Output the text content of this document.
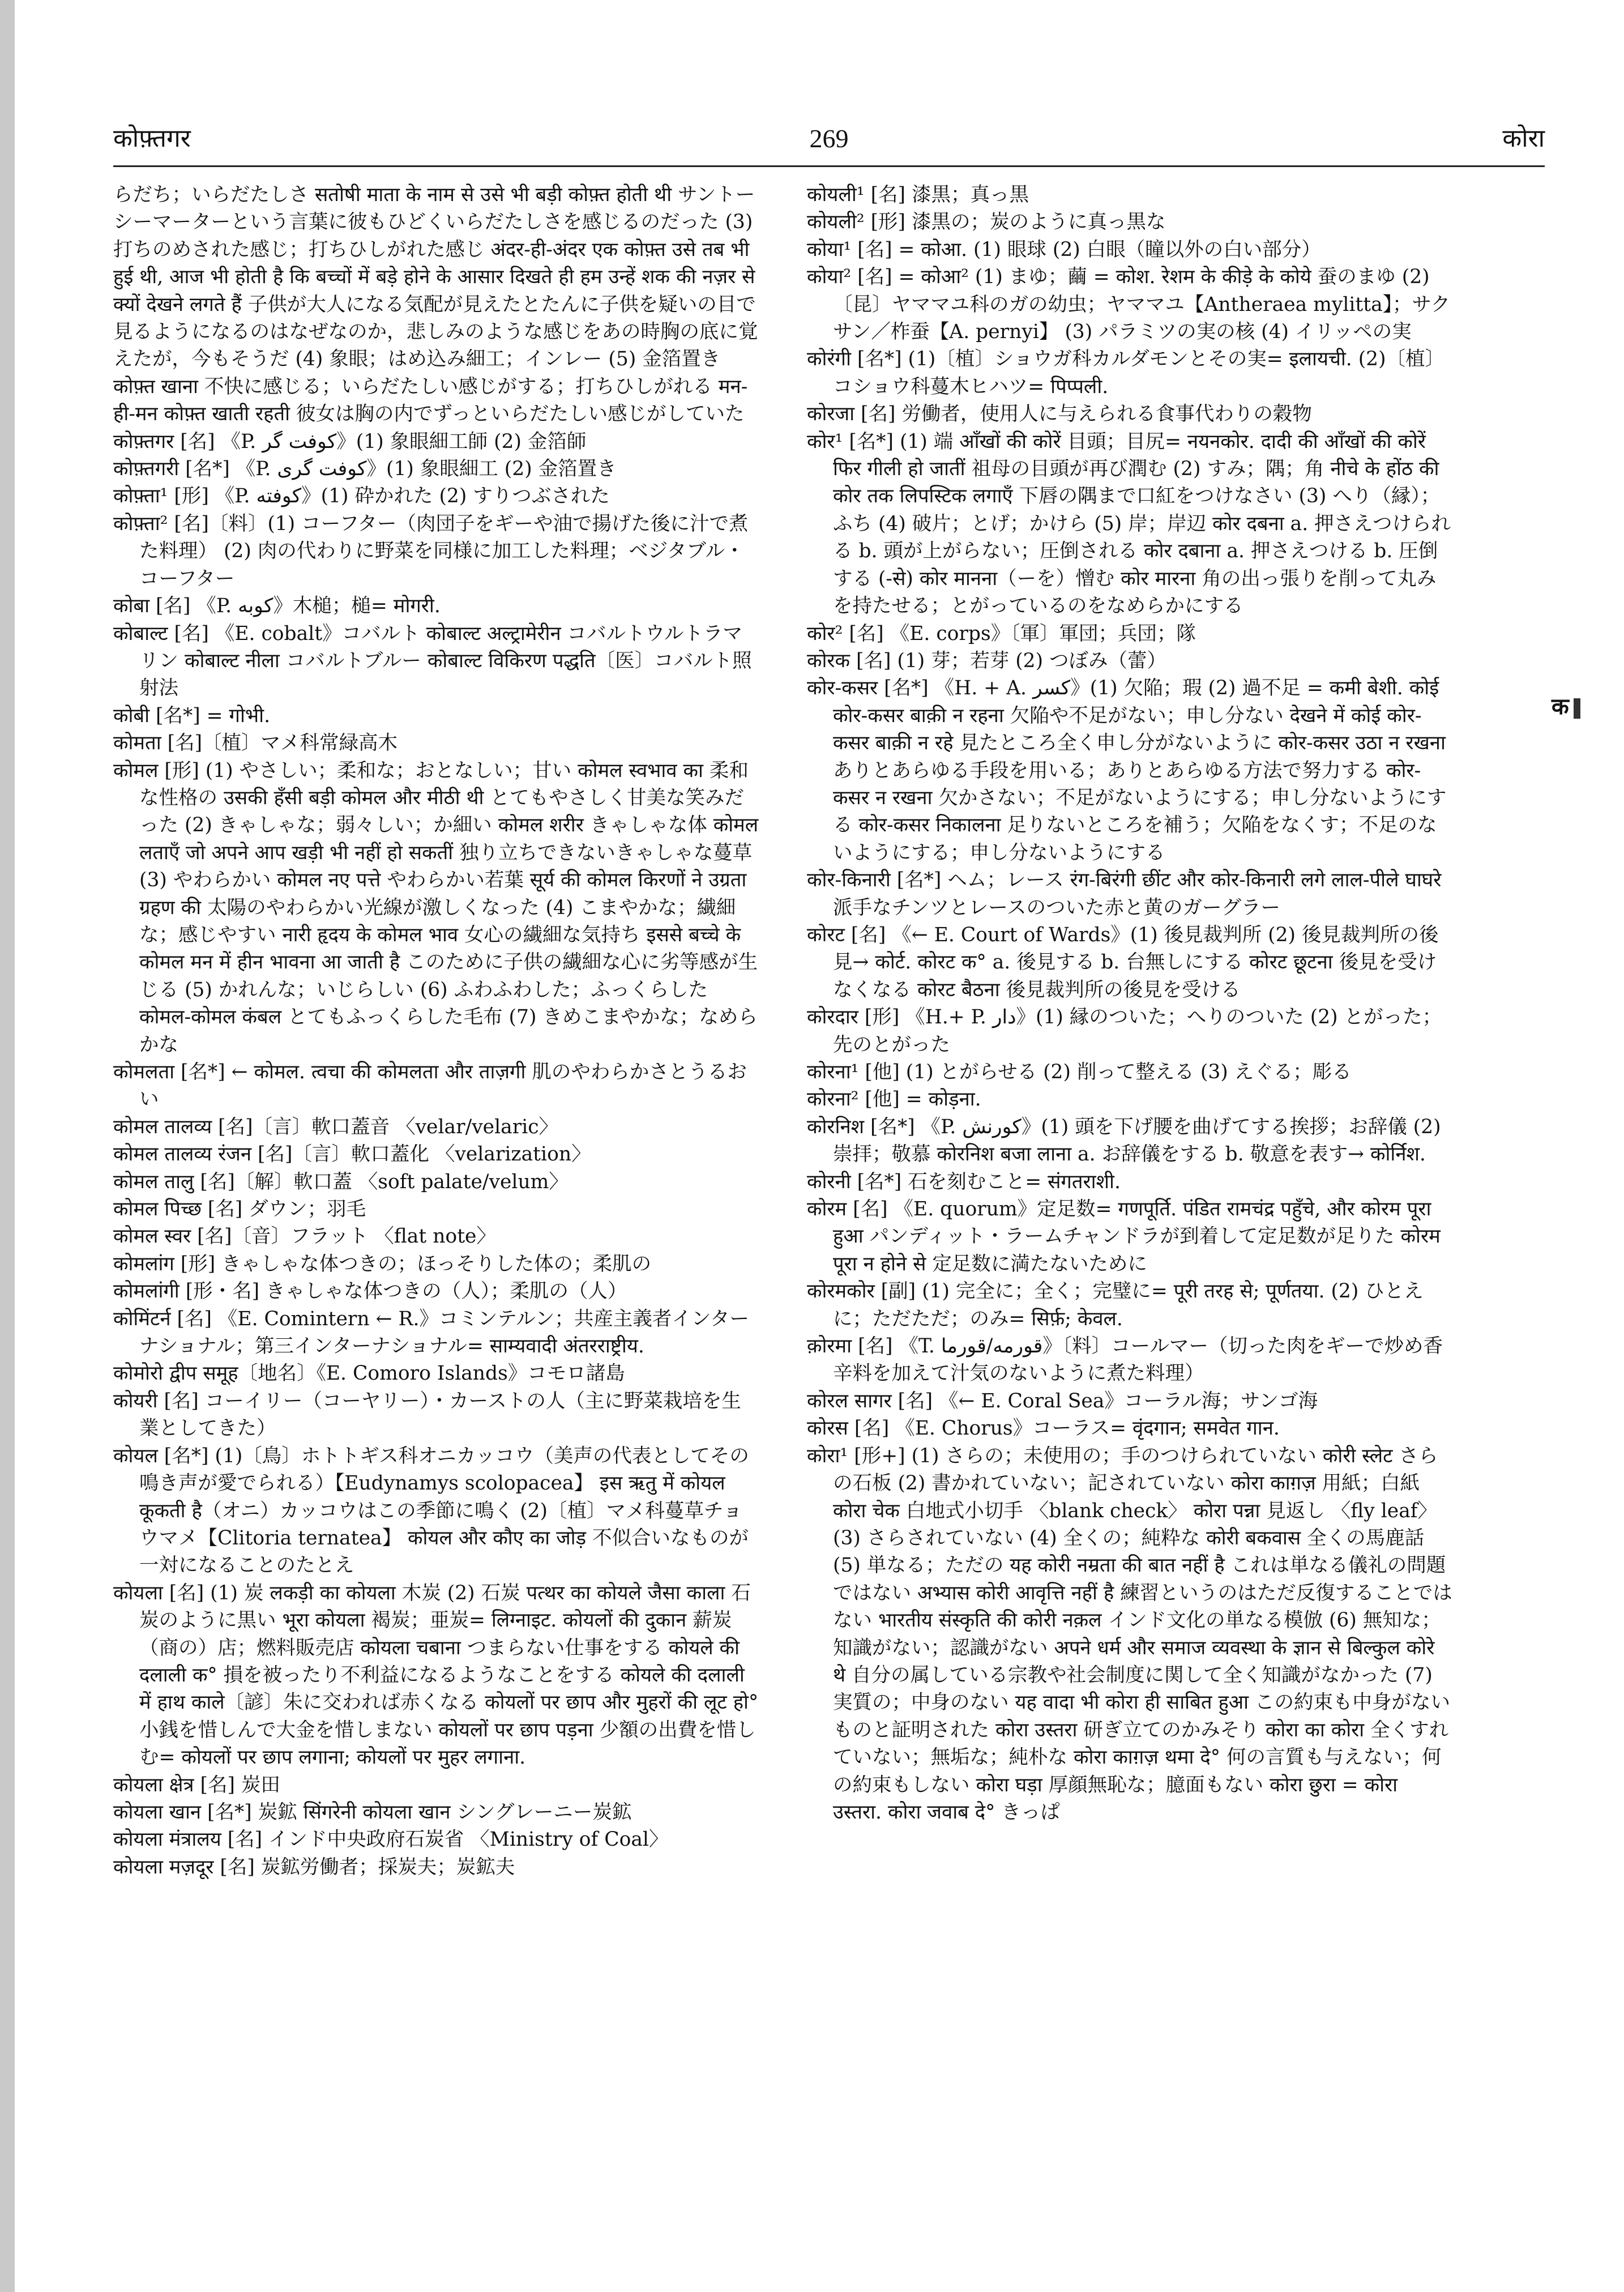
कोफ़्तगर	269	कोरा
らだち；いらだたしさ सतोषी माता के नाम से उसे भी बड़ी कोफ़्त होती थी サントーシーマーターという言葉に彼もひどくいらだたしさを感じるのだった (3) 打ちのめされた感じ；打ちひしがれた感じ अंदर-ही-अंदर एक कोफ़्त उसे तब भी हुई थी, आज भी होती है कि बच्चों में बड़े होने के आसार दिखते ही हम उन्हें शक की नज़र से क्यों देखने लगते हैं 子供が大人になる気配が見えたとたんに子供を疑いの目で見るようになるのはなぜなのか，悲しみのような感じをあの時胸の底に覚えたが，今もそうだ (4) 象眼；はめ込み細工；インレー (5) 金箔置き कोफ़्त खाना 不快に感じる；いらだたしい感じがする；打ちひしがれる मन-ही-मन कोफ़्त खाती रहती 彼女は胸の内でずっといらだたしい感じがしていた
कोफ़्तगर [名] 《P. کوفت گر》(1) 象眼細工師 (2) 金箔師
कोफ़्तगरी [名*] 《P. کوفت گری》(1) 象眼細工 (2) 金箔置き
कोफ़्ता¹ [形] 《P. کوفته》(1) 砕かれた (2) すりつぶされた
कोफ़्ता² [名]〔料〕(1) コーフター（肉団子をギーや油で揚げた後に汁で煮た料理） (2) 肉の代わりに野菜を同様に加工した料理；ベジタブル・コーフター
कोबा [名] 《P. کوبه》木槌；槌= मोगरी.
कोबाल्ट [名] 《E. cobalt》コバルト कोबाल्ट अल्ट्रामेरीन コバルトウルトラマリン कोबाल्ट नीला コバルトブルー कोबाल्ट विकिरण पद्धति〔医〕コバルト照射法
कोबी [名*] = गोभी.
कोमता [名]〔植〕マメ科常緑高木
कोमल [形] (1) やさしい；柔和な；おとなしい；甘い कोमल स्वभाव का 柔和な性格の उसकी हँसी बड़ी कोमल और मीठी थी とてもやさしく甘美な笑みだった (2) きゃしゃな；弱々しい；か細い कोमल शरीर きゃしゃな体 कोमल लताएँ जो अपने आप खड़ी भी नहीं हो सकतीं 独り立ちできないきゃしゃな蔓草 (3) やわらかい कोमल नए पत्ते やわらかい若葉 सूर्य की कोमल किरणों ने उग्रता ग्रहण की 太陽のやわらかい光線が激しくなった (4) こまやかな；繊細な；感じやすい नारी हृदय के कोमल भाव 女心の繊細な気持ち इससे बच्चे के कोमल मन में हीन भावना आ जाती है このために子供の繊細な心に劣等感が生じる (5) かれんな；いじらしい (6) ふわふわした；ふっくらした कोमल-कोमल कंबल とてもふっくらした毛布 (7) きめこまやかな；なめらかな
कोमलता [名*] ← कोमल. त्वचा की कोमलता और ताज़गी 肌のやわらかさとうるおい
कोमल तालव्य [名]〔言〕軟口蓋音 〈velar/velaric〉
कोमल तालव्य रंजन [名]〔言〕軟口蓋化 〈velarization〉
कोमल तालु [名]〔解〕軟口蓋 〈soft palate/velum〉
कोमल पिच्छ [名] ダウン；羽毛
कोमल स्वर [名]〔音〕フラット 〈flat note〉
कोमलांग [形] きゃしゃな体つきの；ほっそりした体の；柔肌の
कोमलांगी [形・名] きゃしゃな体つきの（人）；柔肌の（人）
कोमिंटर्न [名] 《E. Comintern ← R.》コミンテルン；共産主義者インターナショナル；第三インターナショナル= साम्यवादी अंतरराष्ट्रीय.
कोमोरो द्वीप समूह〔地名〕《E. Comoro Islands》コモロ諸島
कोयरी [名] コーイリー（コーヤリー）・カーストの人（主に野菜栽培を生業としてきた）
कोयल [名*] (1)〔鳥〕ホトトギス科オニカッコウ（美声の代表としてその鳴き声が愛でられる）【Eudynamys scolopacea】 इस ऋतु में कोयल कूकती है（オニ）カッコウはこの季節に鳴く (2)〔植〕マメ科蔓草チョウマメ【Clitoria ternatea】 कोयल और कौए का जोड़ 不似合いなものが一対になることのたとえ
कोयला [名] (1) 炭 लकड़ी का कोयला 木炭 (2) 石炭 पत्थर का कोयले जैसा काला 石炭のように黒い भूरा कोयला 褐炭；亜炭= लिग्नाइट. कोयलों की दुकान 薪炭（商の）店；燃料販売店 कोयला चबाना つまらない仕事をする कोयले की दलाली क° 損を被ったり不利益になるようなことをする कोयले की दलाली में हाथ काले〔諺〕朱に交われば赤くなる कोयलों पर छाप और मुहरों की लूट हो° 小銭を惜しんで大金を惜しまない कोयलों पर छाप पड़ना 少額の出費を惜しむ= कोयलों पर छाप लगाना; कोयलों पर मुहर लगाना.
कोयला क्षेत्र [名] 炭田
कोयला खान [名*] 炭鉱 सिंगरेनी कोयला खान シングレーニー炭鉱
कोयला मंत्रालय [名] インド中央政府石炭省 〈Ministry of Coal〉
कोयला मज़दूर [名] 炭鉱労働者；採炭夫；炭鉱夫
कोयली¹ [名] 漆黒；真っ黒
कोयली² [形] 漆黒の；炭のように真っ黒な
कोया¹ [名] = कोआ. (1) 眼球 (2) 白眼（瞳以外の白い部分）
कोया² [名] = कोआ² (1) まゆ；繭 = कोश. रेशम के कीड़े के कोये 蚕のまゆ (2)〔昆〕ヤママユ科のガの幼虫；ヤママユ【Antheraea mylitta】；サクサン／柞蚕【A. pernyi】 (3) パラミツの実の核 (4) イリッペの実
कोरंगी [名*] (1)〔植〕ショウガ科カルダモンとその実= इलायची. (2)〔植〕コショウ科蔓木ヒハツ= पिप्पली.
कोरजा [名] 労働者，使用人に与えられる食事代わりの穀物
कोर¹ [名*] (1) 端 आँखों की कोरें 目頭；目尻= नयनकोर. दादी की आँखों की कोरें फिर गीली हो जातीं 祖母の目頭が再び潤む (2) すみ；隅；角 नीचे के होंठ की कोर तक लिपस्टिक लगाएँ 下唇の隅まで口紅をつけなさい (3) へり（縁）；ふち (4) 破片；とげ；かけら (5) 岸；岸辺 कोर दबना a. 押さえつけられる b. 頭が上がらない；圧倒される कोर दबाना a. 押さえつける b. 圧倒する (-से) कोर मानना（ーを）憎む कोर मारना 角の出っ張りを削って丸みを持たせる；とがっているのをなめらかにする
कोर² [名] 《E. corps》〔軍〕軍団；兵団；隊
कोरक [名] (1) 芽；若芽 (2) つぼみ（蕾）
कोर-कसर [名*] 《H. + A. کسر》(1) 欠陥；瑕 (2) 過不足 = कमी बेशी. कोई कोर-कसर बाक़ी न रहना 欠陥や不足がない；申し分ない देखने में कोई कोर-कसर बाक़ी न रहे 見たところ全く申し分がないように कोर-कसर उठा न रखना ありとあらゆる手段を用いる；ありとあらゆる方法で努力する कोर-कसर न रखना 欠かさない；不足がないようにする；申し分ないようにする कोर-कसर निकालना 足りないところを補う；欠陥をなくす；不足のないようにする；申し分ないようにする
कोर-किनारी [名*] ヘム；レース रंग-बिरंगी छींट और कोर-किनारी लगे लाल-पीले घाघरे 派手なチンツとレースのついた赤と黄のガーグラー
कोरट [名] 《← E. Court of Wards》(1) 後見裁判所 (2) 後見裁判所の後見→ कोर्ट. कोरट क° a. 後見する b. 台無しにする कोरट छूटना 後見を受けなくなる कोरट बैठना 後見裁判所の後見を受ける
कोरदार [形] 《H.+ P. دار》(1) 縁のついた；へりのついた (2) とがった；先のとがった
कोरना¹ [他] (1) とがらせる (2) 削って整える (3) えぐる；彫る
कोरना² [他] = कोड़ना.
कोरनिश [名*] 《P. کورنش》(1) 頭を下げ腰を曲げてする挨拶；お辞儀 (2) 崇拝；敬慕 कोरनिश बजा लाना a. お辞儀をする b. 敬意を表す→ कोर्निश.
कोरनी [名*] 石を刻むこと= संगतराशी.
कोरम [名] 《E. quorum》定足数= गणपूर्ति. पंडित रामचंद्र पहुँचे, और कोरम पूरा हुआ パンディット・ラームチャンドラが到着して定足数が足りた कोरम पूरा न होने से 定足数に満たないために
कोरमकोर [副] (1) 完全に；全く；完璧に= पूरी तरह से; पूर्णतया. (2) ひとえに；ただただ；のみ= सिर्फ़; केवल.
क़ोरमा [名] 《T. قورمه/قورما》〔料〕コールマー（切った肉をギーで炒め香辛料を加えて汁気のないように煮た料理）
कोरल सागर [名] 《← E. Coral Sea》コーラル海；サンゴ海
कोरस [名] 《E. Chorus》コーラス= वृंदगान; समवेत गान.
कोरा¹ [形+] (1) さらの；未使用の；手のつけられていない कोरी स्लेट さらの石板 (2) 書かれていない；記されていない कोरा काग़ज़ 用紙；白紙 कोरा चेक 白地式小切手 〈blank check〉 कोरा पन्ना 見返し 〈fly leaf〉 (3) さらされていない (4) 全くの；純粋な कोरी बकवास 全くの馬鹿話 (5) 単なる；ただの यह कोरी नम्रता की बात नहीं है これは単なる儀礼の問題ではない अभ्यास कोरी आवृत्ति नहीं है 練習というのはただ反復することではない भारतीय संस्कृति की कोरी नक़ल インド文化の単なる模倣 (6) 無知な；知識がない；認識がない अपने धर्म और समाज व्यवस्था के ज्ञान से बिल्कुल कोरे थे 自分の属している宗教や社会制度に関して全く知識がなかった (7) 実質の；中身のない यह वादा भी कोरा ही साबित हुआ この約束も中身がないものと証明された कोरा उस्तरा 研ぎ立てのかみそり कोरा का कोरा 全くすれていない；無垢な；純朴な कोरा काग़ज़ थमा दे° 何の言質も与えない；何の約束もしない कोरा घड़ा 厚顔無恥な；臆面もない कोरा छुरा = कोरा उस्तरा. कोरा जवाब दे° きっぱ
क
